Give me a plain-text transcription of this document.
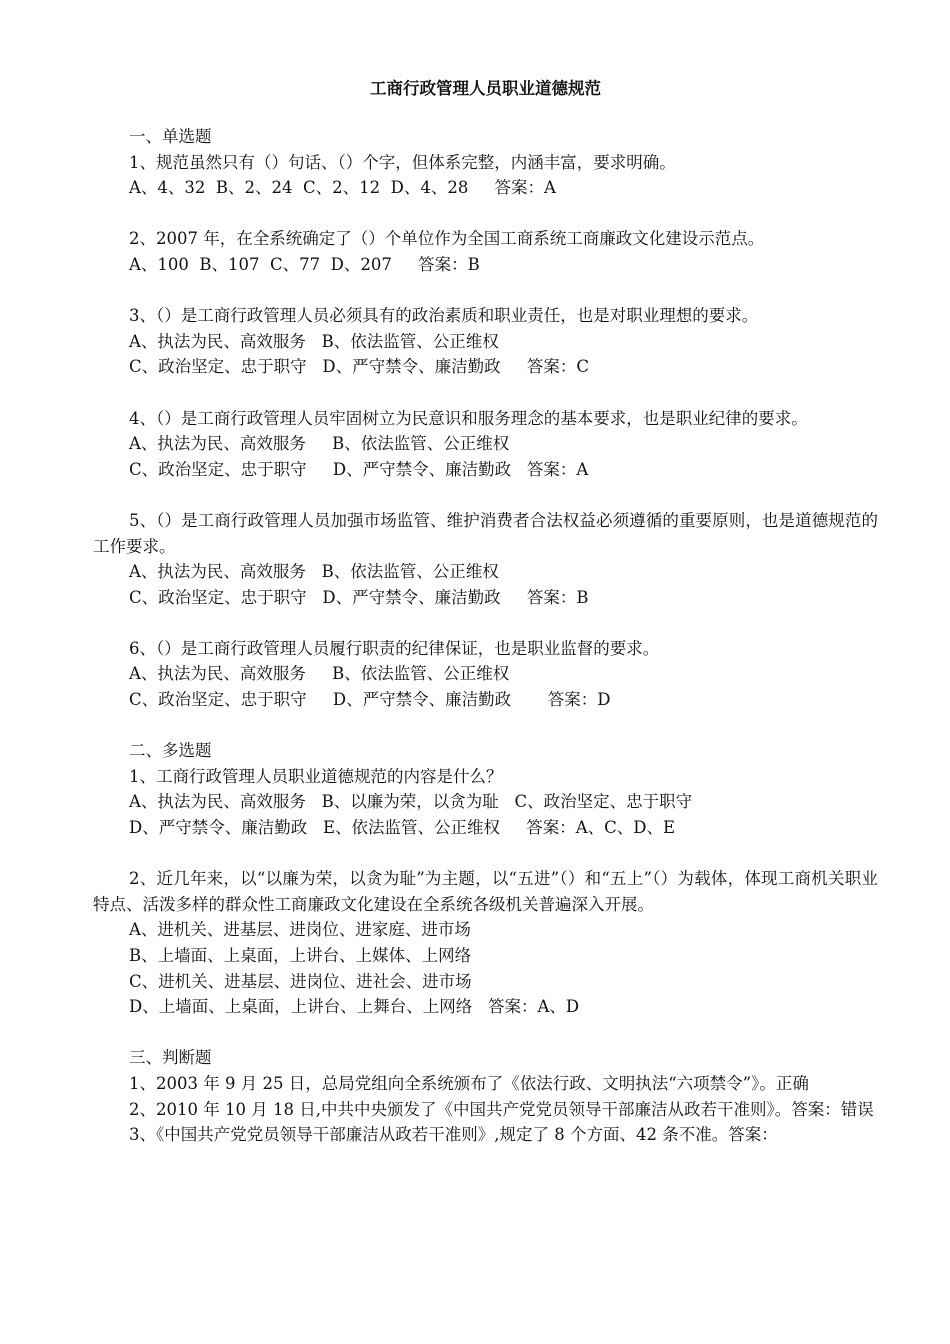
工商行政管理人员职业道德规范
一、单选题
1、规范虽然只有（）句话、（）个字，但体系完整，内涵丰富，要求明确。
A、4、32  B、2、24  C、2、12  D、4、28     答案：A
2、2007 年，在全系统确定了（）个单位作为全国工商系统工商廉政文化建设示范点。
A、100  B、107  C、77  D、207     答案：B
3、（）是工商行政管理人员必须具有的政治素质和职业责任，也是对职业理想的要求。
A、执法为民、高效服务   B、依法监管、公正维权
C、政治坚定、忠于职守   D、严守禁令、廉洁勤政     答案：C
4、（）是工商行政管理人员牢固树立为民意识和服务理念的基本要求，也是职业纪律的要求。
A、执法为民、高效服务     B、依法监管、公正维权
C、政治坚定、忠于职守     D、严守禁令、廉洁勤政   答案：A
5、（）是工商行政管理人员加强市场监管、维护消费者合法权益必须遵循的重要原则，也是道德规范的工作要求。
A、执法为民、高效服务   B、依法监管、公正维权
C、政治坚定、忠于职守   D、严守禁令、廉洁勤政     答案：B
6、（）是工商行政管理人员履行职责的纪律保证，也是职业监督的要求。
A、执法为民、高效服务     B、依法监管、公正维权
C、政治坚定、忠于职守     D、严守禁令、廉洁勤政       答案：D
二、多选题
1、工商行政管理人员职业道德规范的内容是什么？
A、执法为民、高效服务   B、以廉为荣，以贪为耻   C、政治坚定、忠于职守
D、严守禁令、廉洁勤政   E、依法监管、公正维权     答案：A、C、D、E
2、近几年来，以“以廉为荣，以贪为耻”为主题，以“五进”（）和“五上”（）为载体，体现工商机关职业特点、活泼多样的群众性工商廉政文化建设在全系统各级机关普遍深入开展。
A、进机关、进基层、进岗位、进家庭、进市场
B、上墙面、上桌面，上讲台、上媒体、上网络
C、进机关、进基层、进岗位、进社会、进市场
D、上墙面、上桌面，上讲台、上舞台、上网络   答案：A、D
三、判断题
1、2003 年 9 月 25 日，总局党组向全系统颁布了《依法行政、文明执法“六项禁令”》。正确
2、2010 年 10 月 18 日,中共中央颁发了《中国共产党党员领导干部廉洁从政若干准则》。答案：错误
3、《中国共产党党员领导干部廉洁从政若干准则》,规定了 8 个方面、42 条不准。答案：
